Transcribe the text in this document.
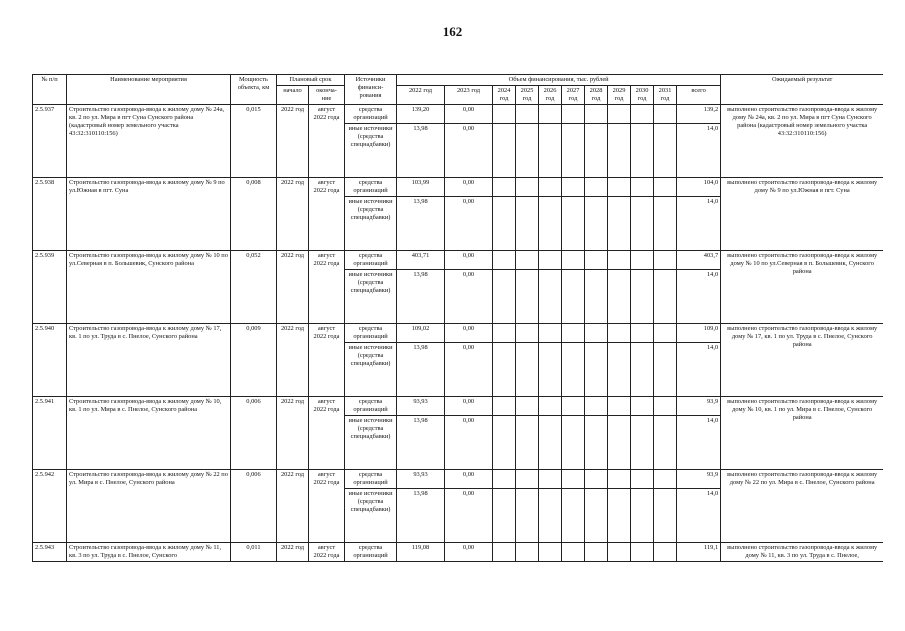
162
№ п/п	Наименование мероприятия	Мощность объекта, км	Плановый срок		Источники финанси- рования	Объем финансирования, тыс. рублей											Ожидаемый результат
			начало	оконча- ние		2022 год	2023 год	2024 год	2025 год	2026 год	2027 год	2028 год	2029 год	2030 год	2031 год	всего	
2.5.937	Строительство газопровода-ввода к жилому дому № 24а, кв. 2 по ул. Мира в пгт Суна Сунского района (кадастровый номер земельного участка 43:32:310110:156)	0,015	2022 год	август 2022 года	средства организаций	139,20	0,00									139,2	выполнено строительство газопровода-ввода к жилому дому № 24а, кв. 2 по ул. Мира в пгт Суна Сунского района (кадастровый номер земельного участка 43:32:310110:156)
					иные источники (средства спецнадбавки)	13,98	0,00									14,0	
2.5.938	Строительство газопровода-ввода к жилому дому № 9 по ул.Южная в пгт. Суна	0,008	2022 год	август 2022 года	средства организаций	103,99	0,00									104,0	выполнено строительство газопровода-ввода к жилому дому № 9 по ул.Южная в пгт. Суна
					иные источники (средства спецнадбавки)	13,98	0,00									14,0	
2.5.939	Строительство газопровода-ввода к жилому дому № 10 по ул.Северная в п. Большевик, Сунского района	0,052	2022 год	август 2022 года	средства организаций	403,71	0,00									403,7	выполнено строительство газопровода-ввода к жилому дому № 10 по ул.Северная в п. Большевик, Сунского района
					иные источники (средства спецнадбавки)	13,98	0,00									14,0	
2.5.940	Строительство газопровода-ввода к жилому дому № 17, кв. 1 по ул. Труда в с. Пнелое, Сунского района	0,009	2022 год	август 2022 года	средства организаций	109,02	0,00									109,0	выполнено строительство газопровода-ввода к жилому дому № 17, кв. 1 по ул. Труда в с. Пнелое, Сунского района
					иные источники (средства спецнадбавки)	13,98	0,00									14,0	
2.5.941	Строительство газопровода-ввода к жилому дому № 10, кв. 1 по ул. Мира в с. Пнелое, Сунского района	0,006	2022 год	август 2022 года	средства организаций	93,93	0,00									93,9	выполнено строительство газопровода-ввода к жилому дому № 10, кв. 1 по ул. Мира в с. Пнелое, Сунского района
					иные источники (средства спецнадбавки)	13,98	0,00									14,0	
2.5.942	Строительство газопровода-ввода к жилому дому № 22 по ул. Мира в с. Пнелое, Сунского района	0,006	2022 год	август 2022 года	средства организаций	93,93	0,00									93,9	выполнено строительство газопровода-ввода к жилому дому № 22 по ул. Мира в с. Пнелое, Сунского района
					иные источники (средства спецнадбавки)	13,98	0,00									14,0	
2.5.943	Строительство газопровода-ввода к жилому дому № 11, кв. 3 по ул. Труда в с. Пнелое, Сунского	0,011	2022 год	август 2022 года	средства организаций	119,08	0,00									119,1	выполнено строительство газопровода-ввода к жилому дому № 11, кв. 3 по ул. Труда в с. Пнелое,
